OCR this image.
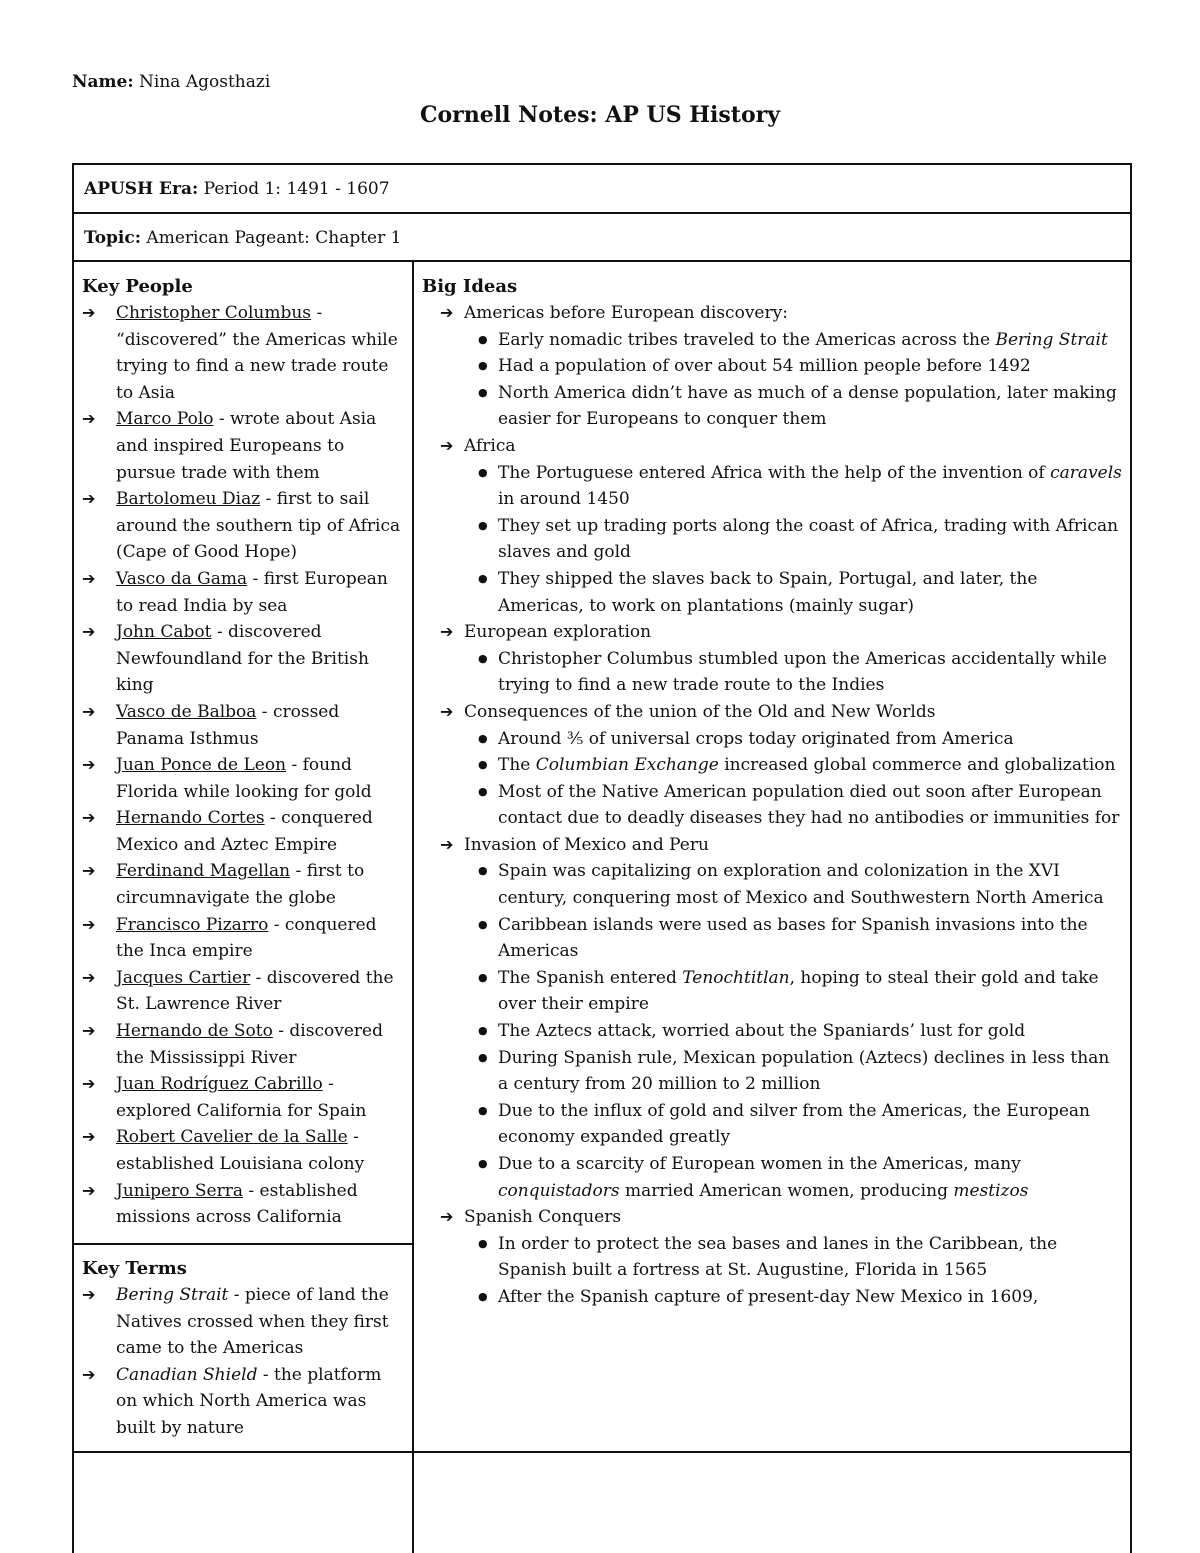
Name: Nina Agosthazi
Cornell Notes: AP US History
APUSH Era: Period 1: 1491 - 1607
Topic: American Pageant: Chapter 1
Key People
➔ Christopher Columbus - “discovered” the Americas while trying to find a new trade route to Asia
➔ Marco Polo - wrote about Asia and inspired Europeans to pursue trade with them
➔ Bartolomeu Diaz - first to sail around the southern tip of Africa (Cape of Good Hope)
➔ Vasco da Gama - first European to read India by sea
➔ John Cabot - discovered Newfoundland for the British king
➔ Vasco de Balboa - crossed Panama Isthmus
➔ Juan Ponce de Leon - found Florida while looking for gold
➔ Hernando Cortes - conquered Mexico and Aztec Empire
➔ Ferdinand Magellan - first to circumnavigate the globe
➔ Francisco Pizarro - conquered the Inca empire
➔ Jacques Cartier - discovered the St. Lawrence River
➔ Hernando de Soto - discovered the Mississippi River
➔ Juan Rodríguez Cabrillo - explored California for Spain
➔ Robert Cavelier de la Salle - established Louisiana colony
➔ Junipero Serra - established missions across California
Key Terms
➔ Bering Strait - piece of land the Natives crossed when they first came to the Americas
➔ Canadian Shield - the platform on which North America was built by nature
Big Ideas
➔ Americas before European discovery:
● Early nomadic tribes traveled to the Americas across the Bering Strait
● Had a population of over about 54 million people before 1492
● North America didn’t have as much of a dense population, later making easier for Europeans to conquer them
➔ Africa
● The Portuguese entered Africa with the help of the invention of caravels in around 1450
● They set up trading ports along the coast of Africa, trading with African slaves and gold
● They shipped the slaves back to Spain, Portugal, and later, the Americas, to work on plantations (mainly sugar)
➔ European exploration
● Christopher Columbus stumbled upon the Americas accidentally while trying to find a new trade route to the Indies
➔ Consequences of the union of the Old and New Worlds
● Around ⅗ of universal crops today originated from America
● The Columbian Exchange increased global commerce and globalization
● Most of the Native American population died out soon after European contact due to deadly diseases they had no antibodies or immunities for
➔ Invasion of Mexico and Peru
● Spain was capitalizing on exploration and colonization in the XVI century, conquering most of Mexico and Southwestern North America
● Caribbean islands were used as bases for Spanish invasions into the Americas
● The Spanish entered Tenochtitlan, hoping to steal their gold and take over their empire
● The Aztecs attack, worried about the Spaniards’ lust for gold
● During Spanish rule, Mexican population (Aztecs) declines in less than a century from 20 million to 2 million
● Due to the influx of gold and silver from the Americas, the European economy expanded greatly
● Due to a scarcity of European women in the Americas, many conquistadors married American women, producing mestizos
➔ Spanish Conquers
● In order to protect the sea bases and lanes in the Caribbean, the Spanish built a fortress at St. Augustine, Florida in 1565
● After the Spanish capture of present-day New Mexico in 1609,
